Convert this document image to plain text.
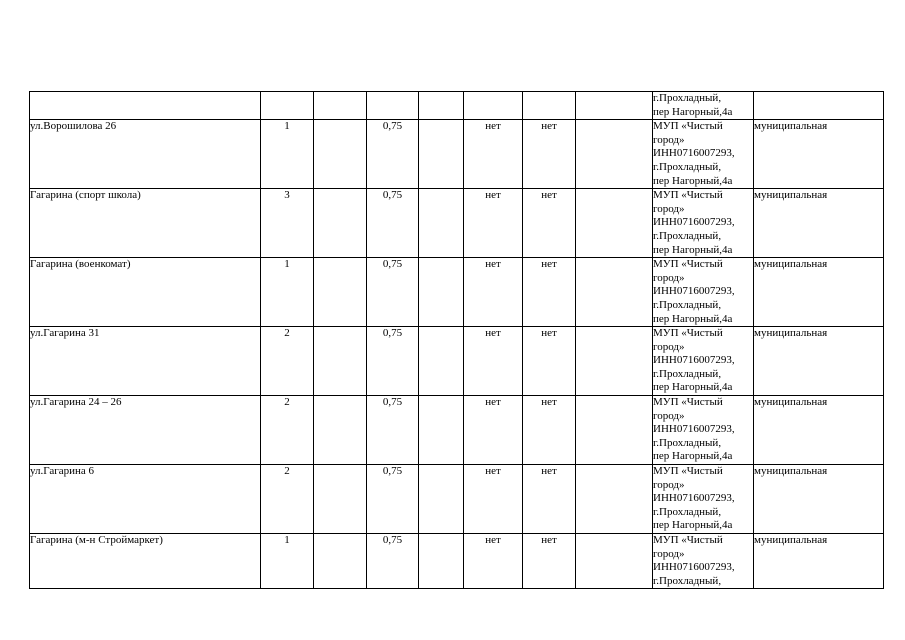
								г.Прохладный,
пер Нагорный,4а	

ул.Ворошилова 26	1		0,75		нет	нет		МУП «Чистый
город»
ИНН0716007293,
г.Прохладный,
пер Нагорный,4а	муниципальная
Гагарина (спорт школа)	3		0,75		нет	нет		МУП «Чистый
город»
ИНН0716007293,
г.Прохладный,
пер Нагорный,4а	муниципальная
Гагарина (военкомат)	1		0,75		нет	нет		МУП «Чистый
город»
ИНН0716007293,
г.Прохладный,
пер Нагорный,4а	муниципальная
ул.Гагарина 31	2		0,75		нет	нет		МУП «Чистый
город»
ИНН0716007293,
г.Прохладный,
пер Нагорный,4а	муниципальная
ул.Гагарина 24 – 26	2		0,75		нет	нет		МУП «Чистый
город»
ИНН0716007293,
г.Прохладный,
пер Нагорный,4а	муниципальная
ул.Гагарина 6	2		0,75		нет	нет		МУП «Чистый
город»
ИНН0716007293,
г.Прохладный,
пер Нагорный,4а	муниципальная
Гагарина (м-н Строймаркет)	1		0,75		нет	нет		МУП «Чистый
город»
ИНН0716007293,
г.Прохладный,	муниципальная
